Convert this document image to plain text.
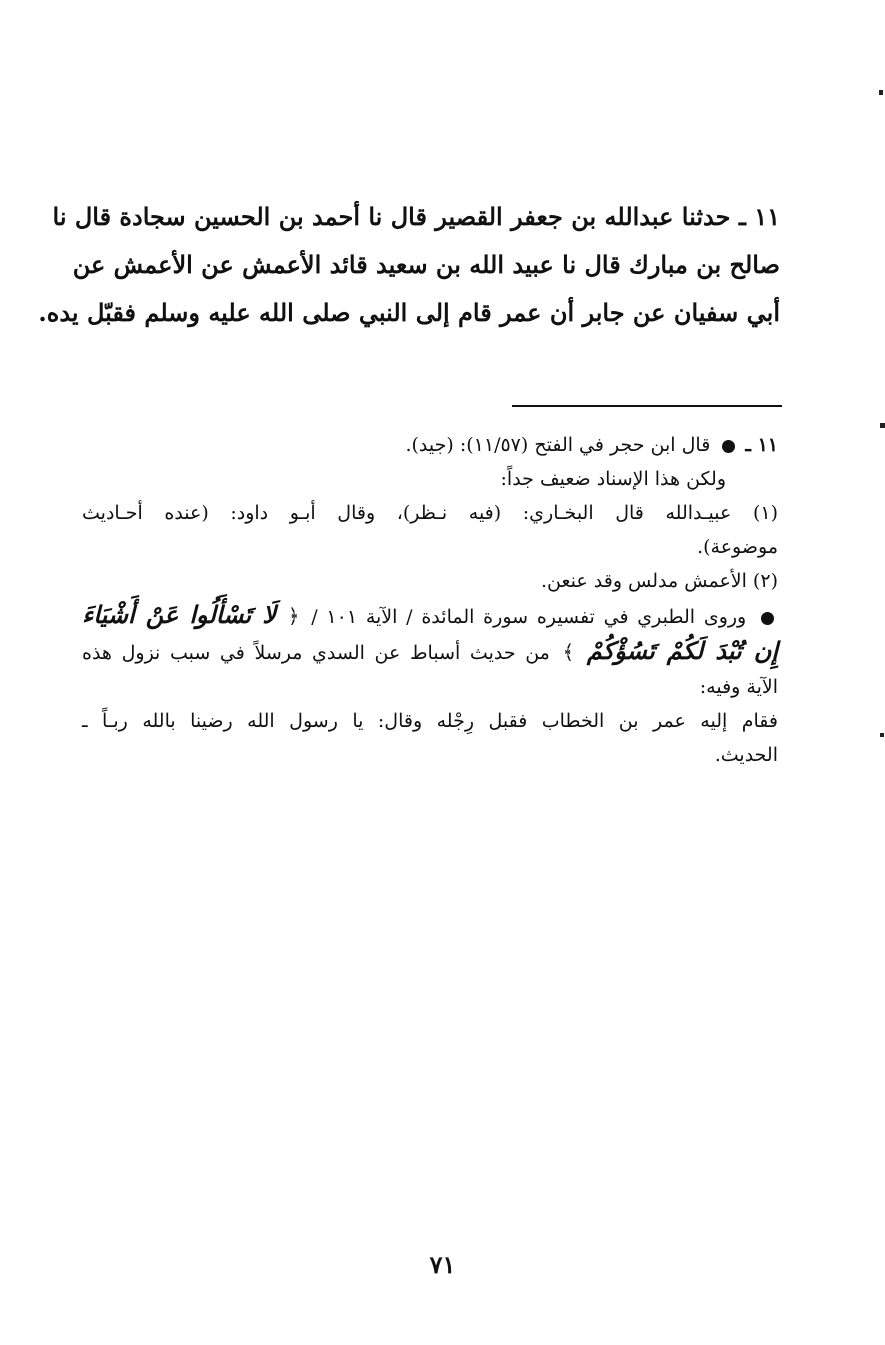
١١ ـ حدثنا عبدالله بن جعفر القصير قال نا أحمد بن الحسين سجادة قال نا
صالح بن مبارك قال نا عبيد الله بن سعيد قائد الأعمش عن الأعمش عن
أبي سفيان عن جابر أن عمر قام إلى النبي صلى الله عليه وسلم فقبّل يده.
١١ ـ  قال ابن حجر في الفتح (١١/٥٧): (جيد).
ولكن هذا الإسناد ضعيف جداً:
(١) عبيـدالله قال البخـاري: (فيه نـظر)، وقال أبـو داود: (عنده أحـاديث
موضوعة).
(٢) الأعمش مدلس وقد عنعن.
وروى الطبري في تفسيره سورة المائدة / الآية ١٠١ / ﴿ لَا تَسْأَلُوا عَنْ أَشْيَاءَ
إِن تُبْدَ لَكُمْ تَسُؤْكُمْ ﴾ من حديث أسباط عن السدي مرسلاً في سبب نزول هذه
الآية وفيه:
فقام إليه عمر بن الخطاب فقبل رِجْله وقال: يا رسول الله رضينا بالله ربـاً ـ
الحديث.
٧١
